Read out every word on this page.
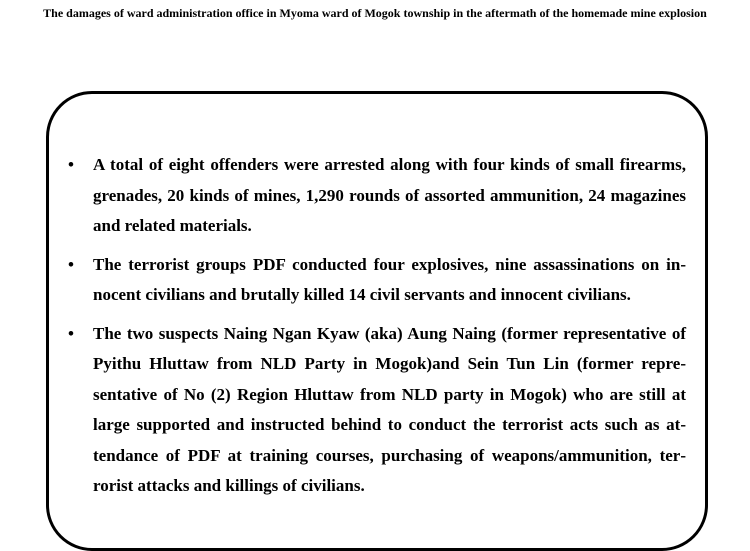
The damages of ward administration office in Myoma ward of Mogok township in the aftermath of the homemade mine explosion
• A total of eight offenders were arrested along with four kinds of small firearms, grenades, 20 kinds of mines, 1,290 rounds of assorted ammunition, 24 magazines and related materials.
• The terrorist groups PDF conducted four explosives, nine assassinations on innocent civilians and brutally killed 14 civil servants and innocent civilians.
• The two suspects Naing Ngan Kyaw (aka) Aung Naing (former representative of Pyithu Hluttaw from NLD Party in Mogok)and Sein Tun Lin (former representative of No (2) Region Hluttaw from NLD party in Mogok) who are still at large supported and instructed behind to conduct the terrorist acts such as attendance of PDF at training courses, purchasing of weapons/ammunition, terrorist attacks and killings of civilians.
